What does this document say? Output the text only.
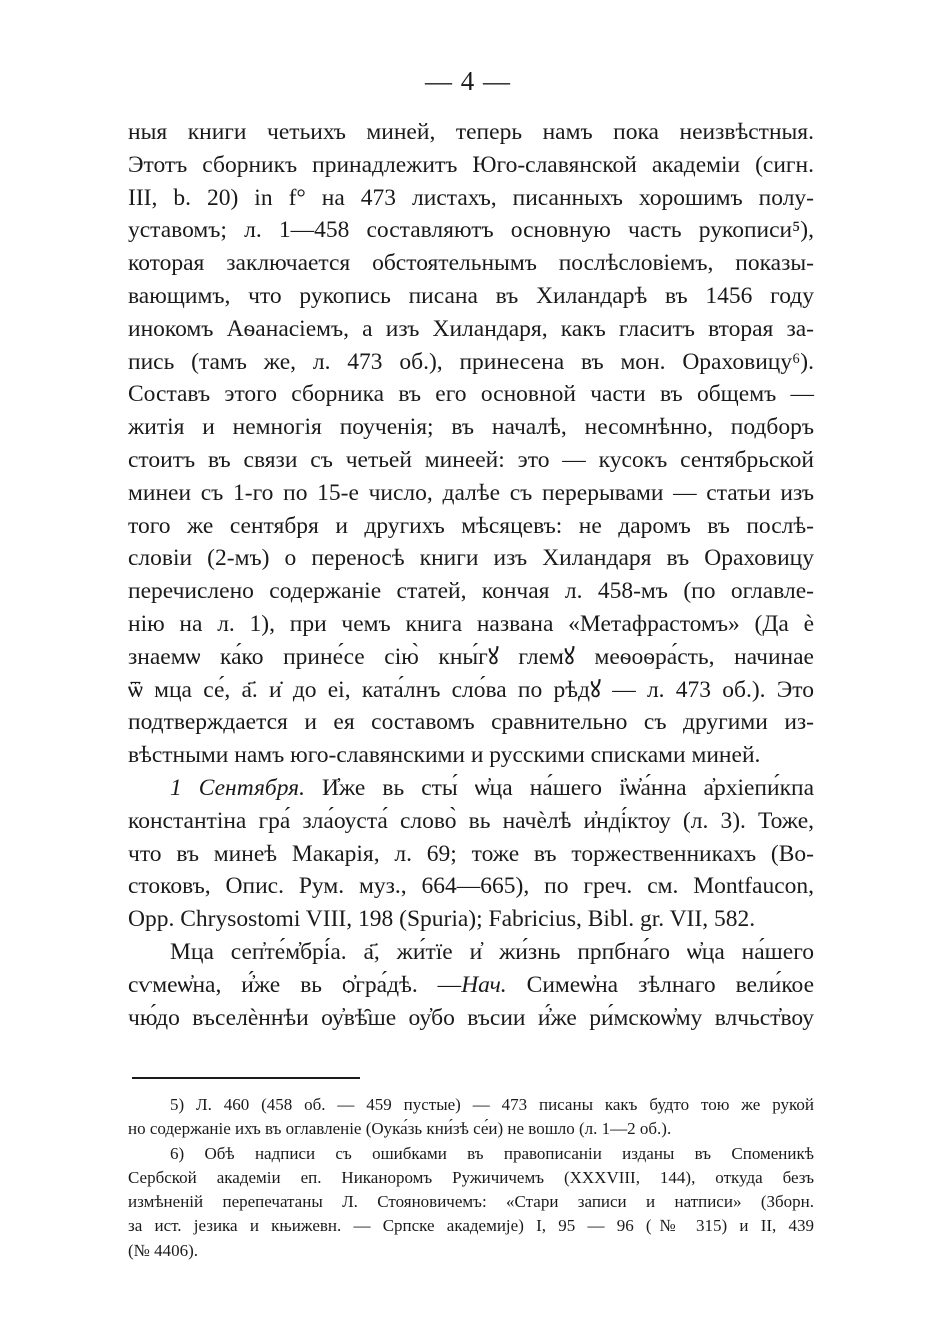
— 4 —
ныя книги четьихъ миней, теперь намъ пока неизвѣстныя.
Этотъ сборникъ принадлежитъ Юго-славянской академіи (сигн.
III, b. 20) in f° на 473 листахъ, писанныхъ хорошимъ полу-
уставомъ; л. 1—458 составляютъ основную часть рукописи⁵),
которая заключается обстоятельнымъ послѣсловіемъ, показы-
вающимъ, что рукопись писана въ Хиландарѣ въ 1456 году
инокомъ Аѳанасіемъ, а изъ Хиландаря, какъ гласитъ вторая за-
пись (тамъ же, л. 473 об.), принесена въ мон. Ораховицу⁶).
Составъ этого сборника въ его основной части въ общемъ —
житія и немногія поученія; въ началѣ, несомнѣнно, подборъ
стоитъ въ связи съ четьей минеей: это — кусокъ сентябрьской
минеи съ 1-го по 15-е число, далѣе съ перерывами — статьи изъ
того же сентября и другихъ мѣсяцевъ: не даромъ въ послѣ-
словіи (2-мъ) о переносѣ книги изъ Хиландаря въ Ораховицу
перечислено содержаніе статей, кончая л. 458-мъ (по оглавле-
нію на л. 1), при чемъ книга названа «Метафрастомъ» (Да ѐ
знаемѡ ка́ко прине́се сію̀ кны́гꙋ глемꙋ меѳоѳра́сть, начинае
ѿ мца се́, а҃. и̇ до еі, ката́лнъ сло́ва по рѣдꙋ — л. 473 об.). Это
подтверждается и ея составомъ сравнительно съ другими из-
вѣстными намъ юго-славянскими и русскими списками миней.
1 Сентября. И҆же вь сты́ ѡ҆ца на́шего і҆ѡ҆а́нна а҆рхіепи́кпа
константіна гра́ зла́оуста́ слово̀ вь начѐлѣ и҆нді́ктоу (л. 3). Тоже,
что въ минеѣ Макарія, л. 69; тоже въ торжественникахъ (Во-
стоковъ, Опис. Рум. муз., 664—665), по греч. см. Montfaucon,
Opp. Chrysostomi VIII, 198 (Spuria); Fabricius, Bibl. gr. VII, 582.
Мца сеп҆те́м҆брі́а. а҃, жи́тїе и҆ жи́знь прпбна́го ѡ҆ца на́шего
сѵмеѡ҆на, и҆́же вь ѻ҆гра́дѣ. —Нач. Симеѡ҆на зѣлнаго вели́кое
чю́до въселѐннѣи оу҆вѣ̑ше оу҆бо въсии и҆́же ри́мскоѡ҆му влчьст҆воу
5) Л. 460 (458 об. — 459 пустые) — 473 писаны какъ будто тою же рукой
но содержаніе ихъ въ оглавленіе (Оука́зь кни́зѣ се́и) не вошло (л. 1—2 об.).
6) Обѣ надписи съ ошибками въ правописаніи изданы въ Споменикѣ
Сербской академіи еп. Никаноромъ Ружичичемъ (XXXVIII, 144), откуда безъ
измѣненій перепечатаны Л. Стояновичемъ: «Стари записи и натписи» (Зборн.
за ист. језика и књижевн. — Српске академије) I, 95 — 96 (№ 315) и II, 439
(№ 4406).
